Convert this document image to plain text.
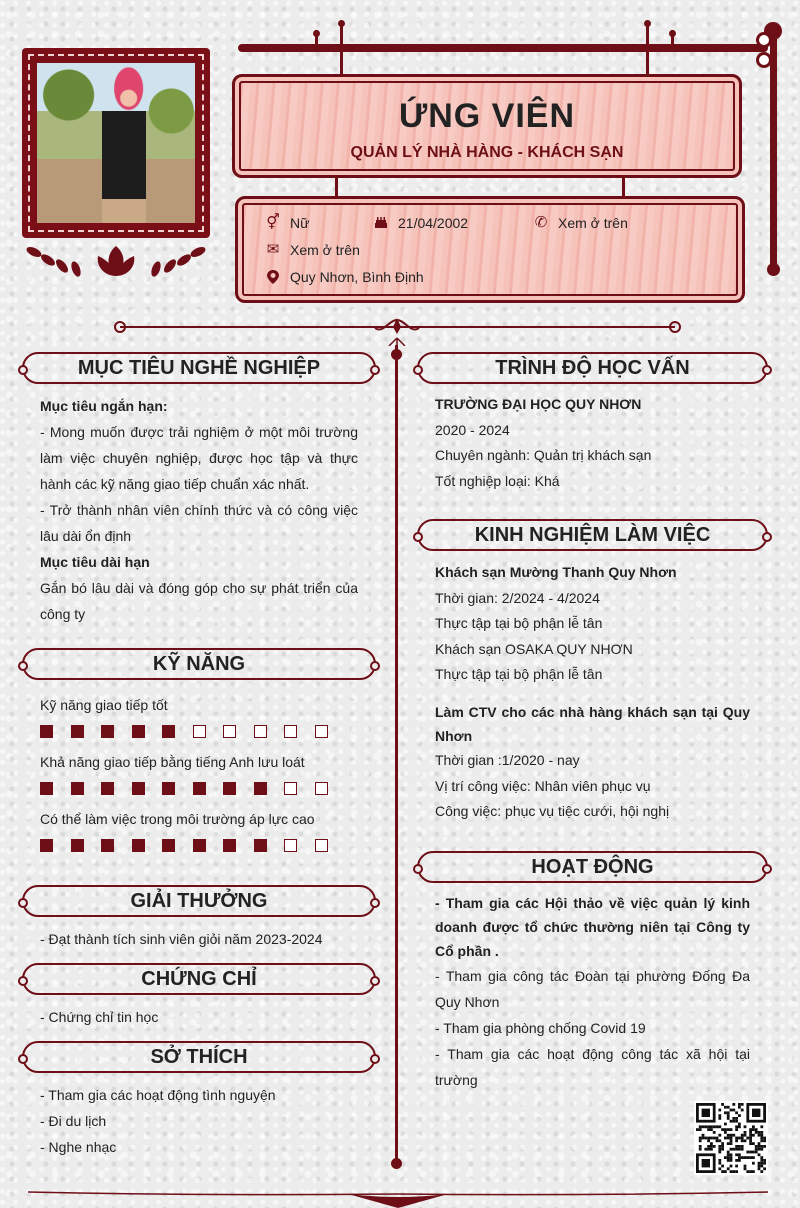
ỨNG VIÊN
QUẢN LÝ NHÀ HÀNG - KHÁCH SẠN
⚥ Nữ	21/04/2002	✆ Xem ở trên
✉ Xem ở trên
Quy Nhơn, Bình Định
MỤC TIÊU NGHỀ NGHIỆP

Mục tiêu ngắn hạn:

- Mong muốn được trải nghiệm ở một môi trường làm việc chuyên nghiệp, được học tập và thực hành các kỹ năng giao tiếp chuẩn xác nhất.

- Trở thành nhân viên chính thức và có công việc lâu dài ổn định

Mục tiêu dài hạn

Gắn bó lâu dài và đóng góp cho sự phát triển của công ty

KỸ NĂNG
Kỹ năng giao tiếp tốt
Khả năng giao tiếp bằng tiếng Anh lưu loát
Có thể làm việc trong môi trường áp lực cao
GIẢI THƯỞNG

- Đạt thành tích sinh viên giỏi năm 2023-2024

CHỨNG CHỈ

- Chứng chỉ tin học

SỞ THÍCH

- Tham gia các hoạt động tình nguyện

- Đi du lịch

- Nghe nhạc

TRÌNH ĐỘ HỌC VẤN

TRƯỜNG ĐẠI HỌC QUY NHƠN

2020 - 2024

Chuyên ngành: Quản trị khách sạn

Tốt nghiệp loại: Khá

KINH NGHIỆM LÀM VIỆC

Khách sạn Mường Thanh Quy Nhơn

Thời gian: 2/2024 - 4/2024

Thực tập tại bộ phận lễ tân

Khách sạn OSAKA QUY NHƠN

Thực tập tại bộ phận lễ tân

Làm CTV cho các nhà hàng khách sạn tại Quy Nhơn

Thời gian :1/2020 - nay

Vị trí công việc: Nhân viên phục vụ

Công việc: phục vụ tiệc cưới, hội nghị

HOẠT ĐỘNG

- Tham gia các Hội thảo về việc quản lý kinh doanh được tổ chức thường niên tại Công ty Cổ phần .

- Tham gia công tác Đoàn tại phường Đống Đa Quy Nhơn

- Tham gia phòng chống Covid 19

- Tham gia các hoạt động công tác xã hội tại trường
